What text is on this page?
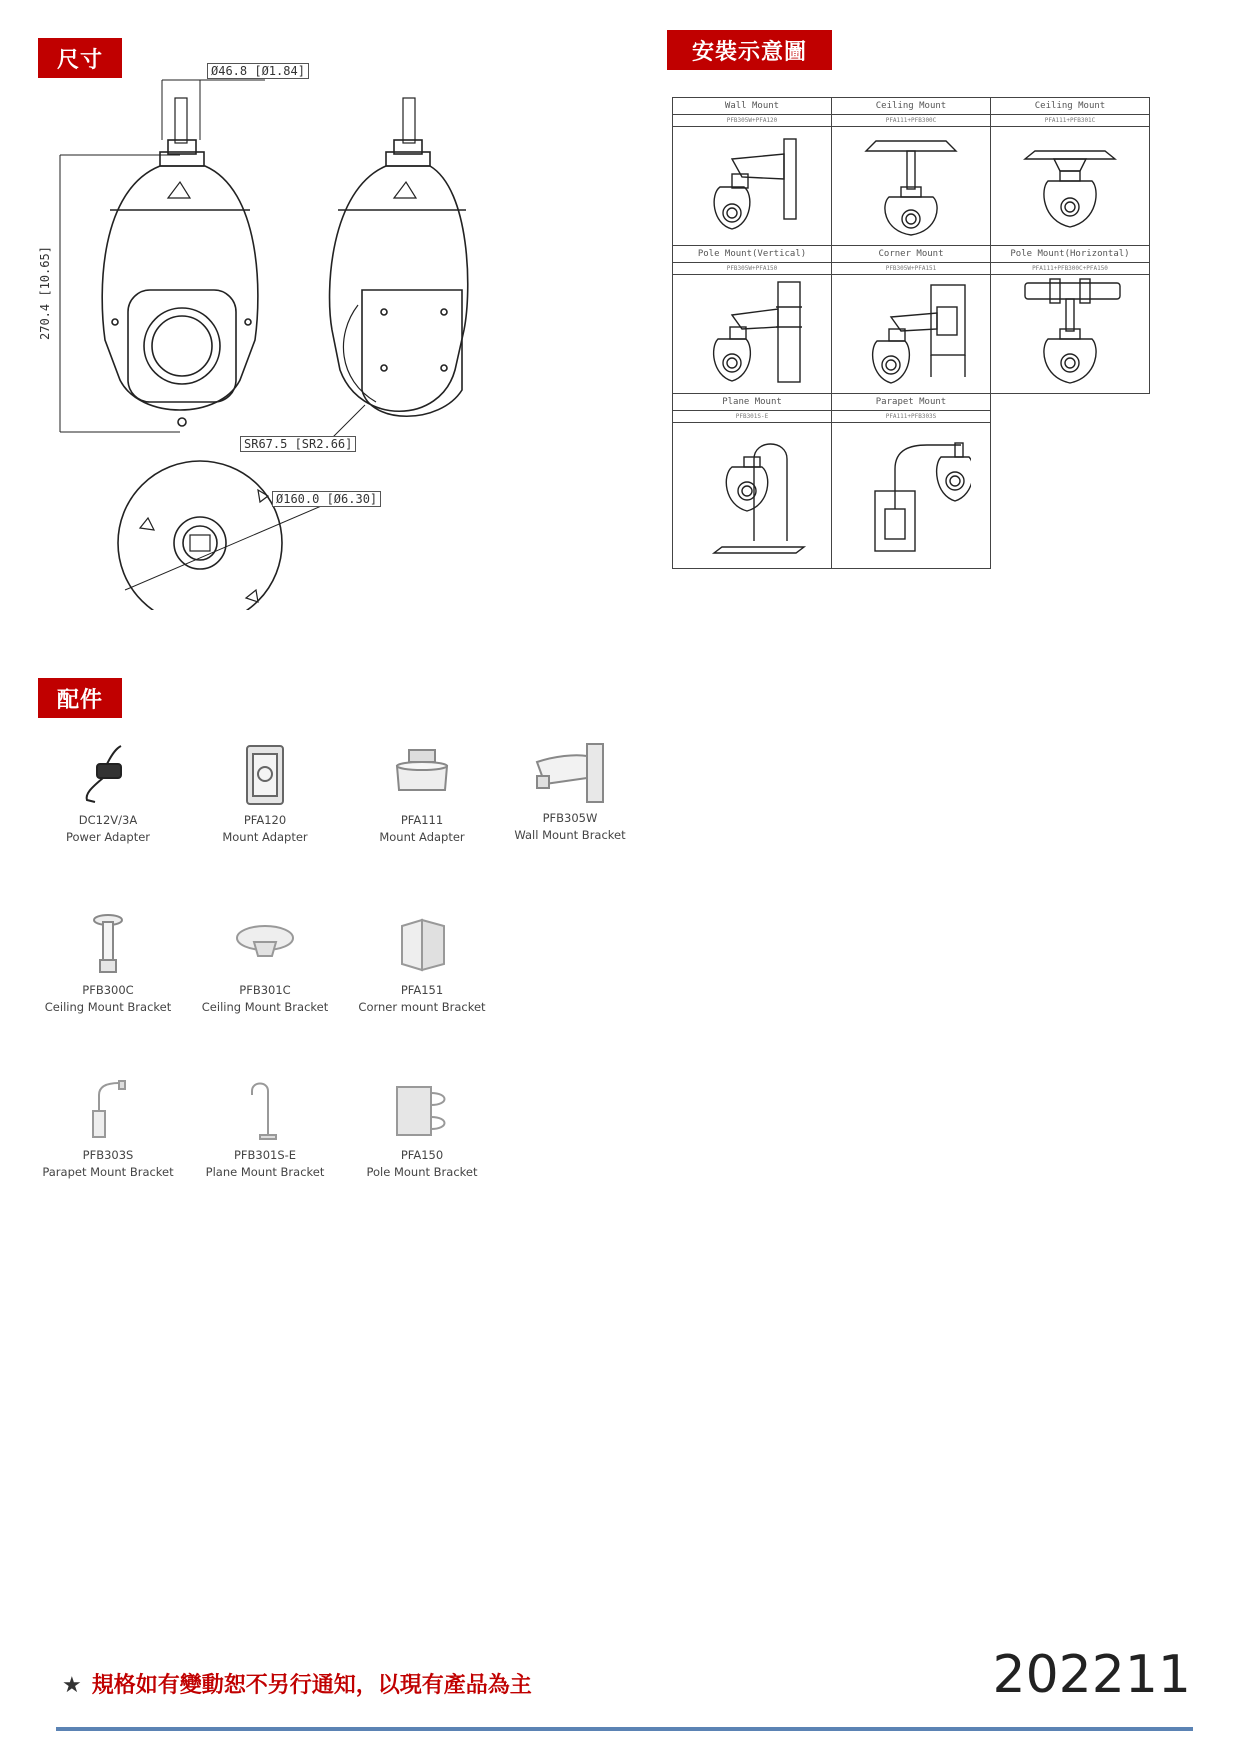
尺寸	安裝示意圖
配件
Ø46.8 [Ø1.84]
270.4 [10.65]
SR67.5 [SR2.66]
Ø160.0 [Ø6.30]
Wall Mount	Ceiling Mount	Ceiling Mount
PFB305W+PFA120	PFA111+PFB300C	PFA111+PFB301C

Pole Mount(Vertical)	Corner Mount	Pole Mount(Horizontal)
PFB305W+PFA150	PFB305W+PFA151	PFA111+PFB300C+PFA150

Plane Mount	Parapet Mount	
PFB301S-E	PFA111+PFB303S	

DC12V/3A
Power Adapter
PFA120
Mount Adapter
PFA111
Mount Adapter
PFB305W
Wall Mount Bracket
PFB300C
Ceiling Mount Bracket
PFB301C
Ceiling Mount Bracket
PFA151
Corner mount Bracket
PFB303S
Parapet Mount Bracket
PFB301S-E
Plane Mount Bracket
PFA150
Pole Mount Bracket
★ 規格如有變動恕不另行通知，以現有產品為主	202211
